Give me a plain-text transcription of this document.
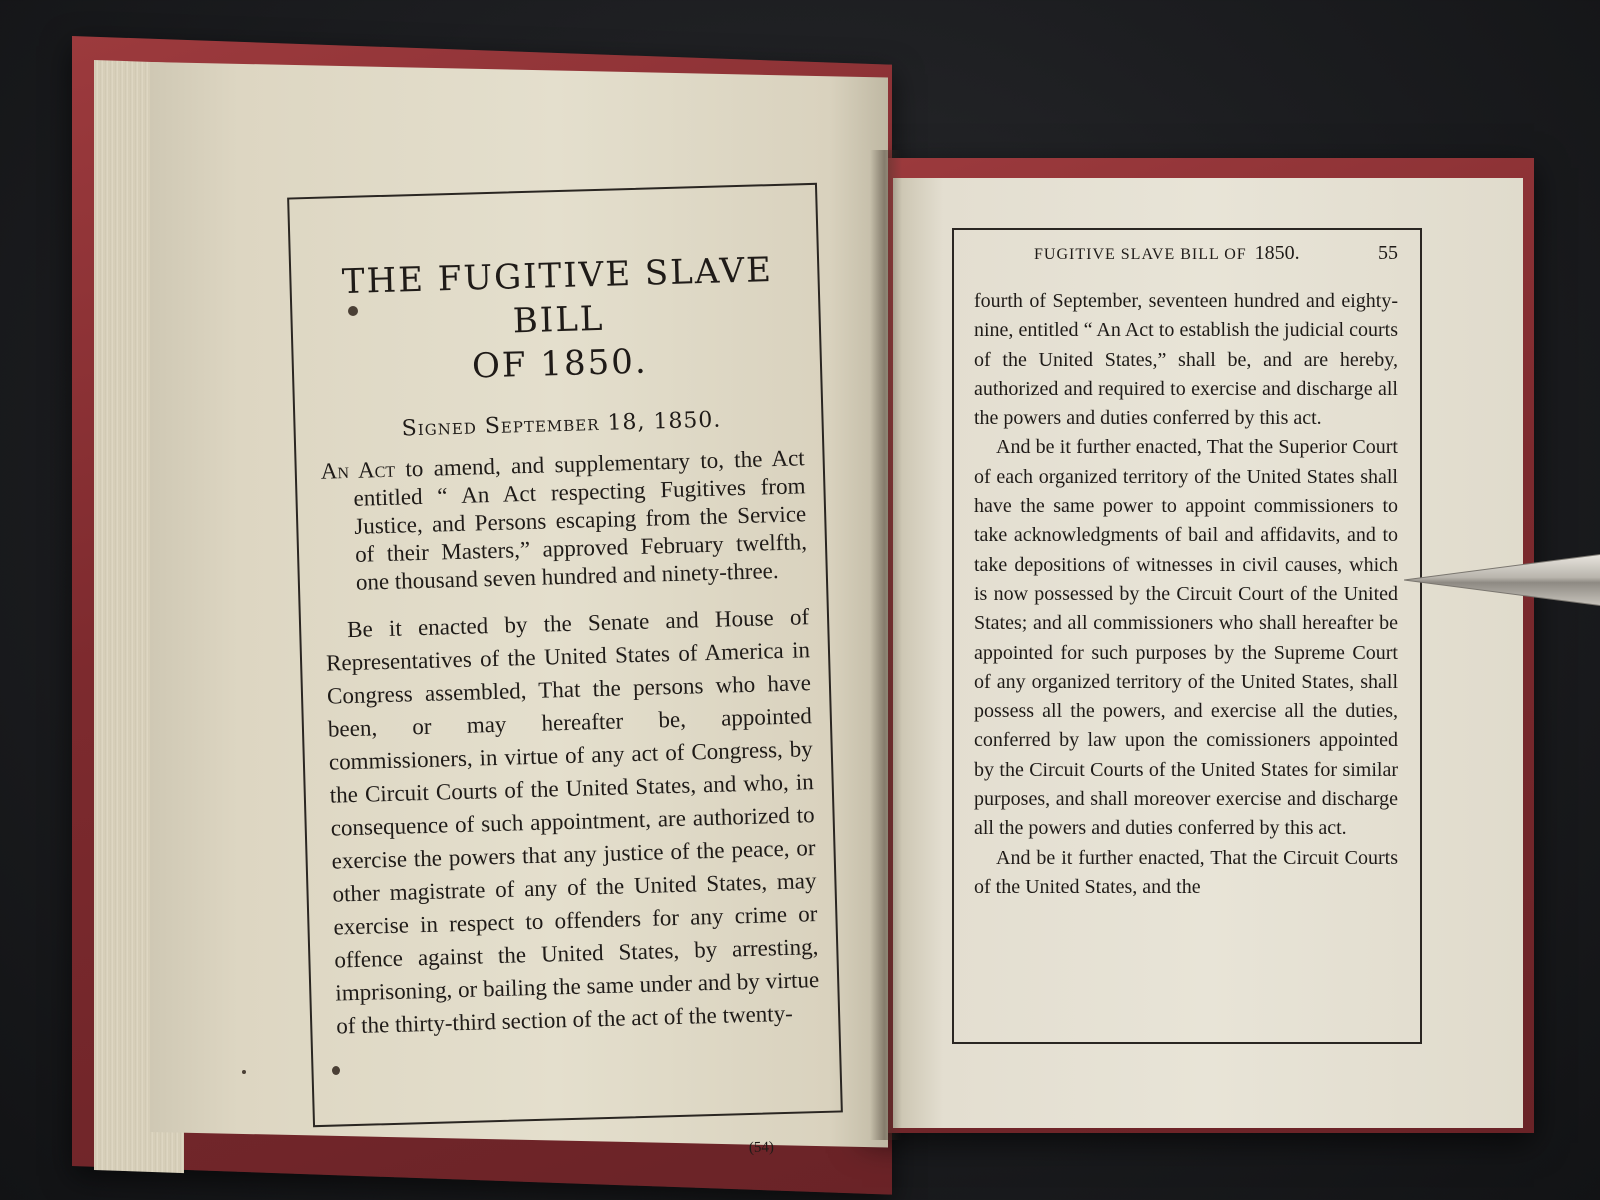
THE FUGITIVE SLAVE BILL
OF 1850.
Signed September 18, 1850.
An Act to amend, and supplementary to, the Act entitled “ An Act respecting Fugitives from Justice, and Persons escaping from the Service of their Masters,” approved February twelfth, one thousand seven hundred and ninety-three.
Be it enacted by the Senate and House of Representatives of the United States of America in Congress assembled, That the persons who have been, or may hereafter be, appointed commissioners, in virtue of any act of Congress, by the Circuit Courts of the United States, and who, in consequence of such appointment, are authorized to exercise the powers that any justice of the peace, or other magistrate of any of the United States, may exercise in respect to offenders for any crime or offence against the United States, by arresting, imprisoning, or bailing the same under and by virtue of the thirty-third section of the act of the twenty-
(54)
FUGITIVE SLAVE BILL OF 1850.	55

fourth of September, seventeen hundred and eighty-nine, entitled “ An Act to establish the judicial courts of the United States,” shall be, and are hereby, authorized and required to exercise and discharge all the powers and duties conferred by this act.

And be it further enacted, That the Superior Court of each organized territory of the United States shall have the same power to appoint commissioners to take acknowledgments of bail and affidavits, and to take depositions of witnesses in civil causes, which is now possessed by the Circuit Court of the United States; and all commissioners who shall hereafter be appointed for such purposes by the Supreme Court of any organized territory of the United States, shall possess all the powers, and exercise all the duties, conferred by law upon the comissioners appointed by the Circuit Courts of the United States for similar purposes, and shall moreover exercise and discharge all the powers and duties conferred by this act.

And be it further enacted, That the Circuit Courts of the United States, and the
